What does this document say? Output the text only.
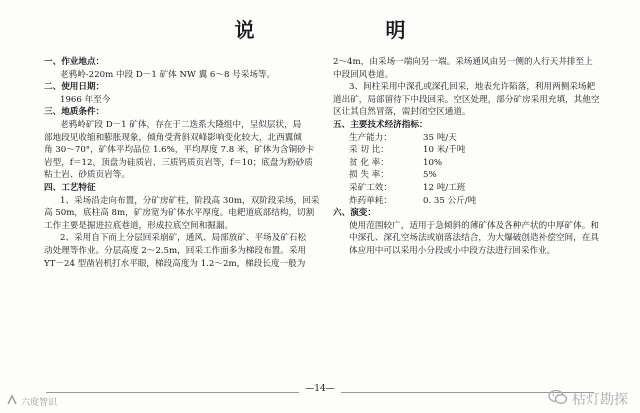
说 明

一、作业地点：

老鸦岭-220m 中段 D－1 矿体 NW 翼 6～8 号采场等。

二、使用日期：

1966 年至今

三、地质条件：

老鸦岭矿段 D－1 矿体，存在于二迭系大隆组中，呈似层状，局

部地段见收缩和膨胀现象，倾角受背斜双峰影响变化较大，北西翼倾

角 30～70°，矿体平均品位 1.6%，平均厚度 7.8 米，矿体为含铜砂卡

岩型，f＝12，顶盘为硅质岩、三质钙质页岩等，f＝10；底盘为粉砂质

粘土岩、砂质页岩等。

四、工艺特征

1、采场沿走向布置，分矿房矿柱，阶段高 30m，双阶段采场，回采

高 50m，底柱高 8m，矿房宽为矿体水平厚度。电耙道底部结构，切割

工作主要是掘进拉底巷道，形成拉底空间和掘漏。

2、采用自下而上分层回采崩矿，通风、局部放矿、平场及矿石松

动处理等作业。分层高度 2～2.5m，回采工作面多为梯段布置。采用

YT－24 型凿岩机打水平眼，梯段高度为 1.2～2m，梯段长度一般为

2～4m，由采场一端向另一端。采场通风由另一侧的人行天井排至上

中段回风巷道。

3、间柱采用中深孔或深孔回采，地表允许陷落，利用两侧采场耙

道出矿，局部留待下中段回采。空区处理，部分矿房采用充填，其他空

区让其自然冒落，需封闭空区通道。

五、主要技术经济指标：

生产能力：	35 吨/天
采 切 比：	10 米/千吨
贫 化 率：	10%
损 失 率：	5%
采矿工效：	12 吨/工班
炸药单耗：	0. 35 公斤/吨

六、演变：

使用范围较广，适用于急倾斜的薄矿体及各种产状的中厚矿体。和中深孔、深孔空场法或崩落法结合，为大爆破创造补偿空间，在具体应用中可以采用小分段或小中段方法进行回采作业。

—14—
六度智识	枯灯勘探
